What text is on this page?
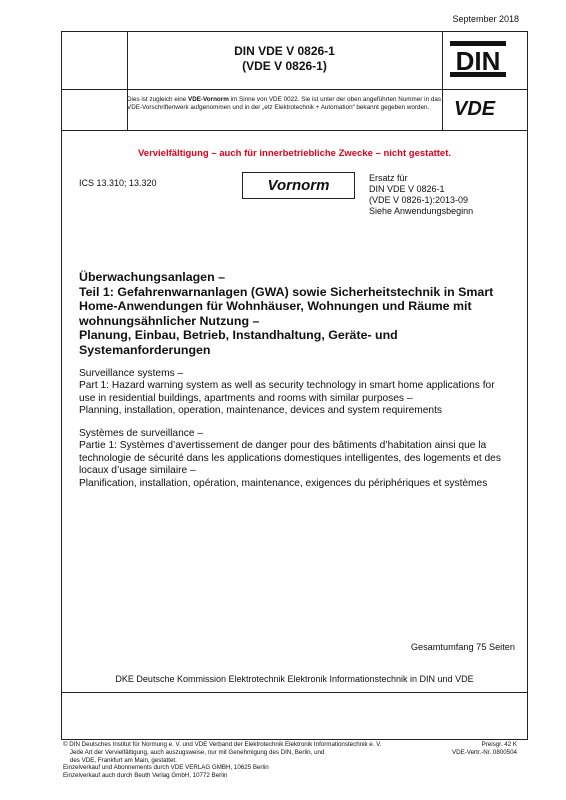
September 2018
DIN VDE V 0826-1
(VDE V 0826-1)	DIN
Dies ist zugleich eine VDE-Vornorm im Sinne von VDE 0022. Sie ist unter der oben angeführten Nummer in das VDE-Vorschriftenwerk aufgenommen und in der „etz Elektrotechnik + Automation“ bekannt gegeben worden.	VDE
Vervielfältigung – auch für innerbetriebliche Zwecke – nicht gestattet.
ICS 13.310; 13.320	Vornorm	Ersatz für
DIN VDE V 0826-1
(VDE V 0826-1):2013-09
Siehe Anwendungsbeginn
Überwachungsanlagen –
Teil 1: Gefahrenwarnanlagen (GWA) sowie Sicherheitstechnik in Smart
Home-Anwendungen für Wohnhäuser, Wohnungen und Räume mit
wohnungsähnlicher Nutzung –
Planung, Einbau, Betrieb, Instandhaltung, Geräte- und
Systemanforderungen
Surveillance systems –
Part 1: Hazard warning system as well as security technology in smart home applications for
use in residential buildings, apartments and rooms with similar purposes –
Planning, installation, operation, maintenance, devices and system requirements
Systèmes de surveillance –
Partie 1: Systèmes d’avertissement de danger pour des bâtiments d’habitation ainsi que la
technologie de sécurité dans les applications domestiques intelligentes, des logements et des
locaux d’usage similaire –
Planification, installation, opération, maintenance, exigences du périphériques et systèmes
Gesamtumfang 75 Seiten
DKE Deutsche Kommission Elektrotechnik Elektronik Informationstechnik in DIN und VDE
© DIN Deutsches Institut für Normung e. V. und VDE Verband der Elektrotechnik Elektronik Informationstechnik e. V.
Jede Art der Vervielfältigung, auch auszugsweise, nur mit Genehmigung des DIN, Berlin, und
des VDE, Frankfurt am Main, gestattet.
Einzelverkauf und Abonnements durch VDE VERLAG GMBH, 10625 Berlin
Einzelverkauf auch durch Beuth Verlag GmbH, 10772 Berlin
Preisgr. 42 K
VDE-Vertr.-Nr. 0800504
